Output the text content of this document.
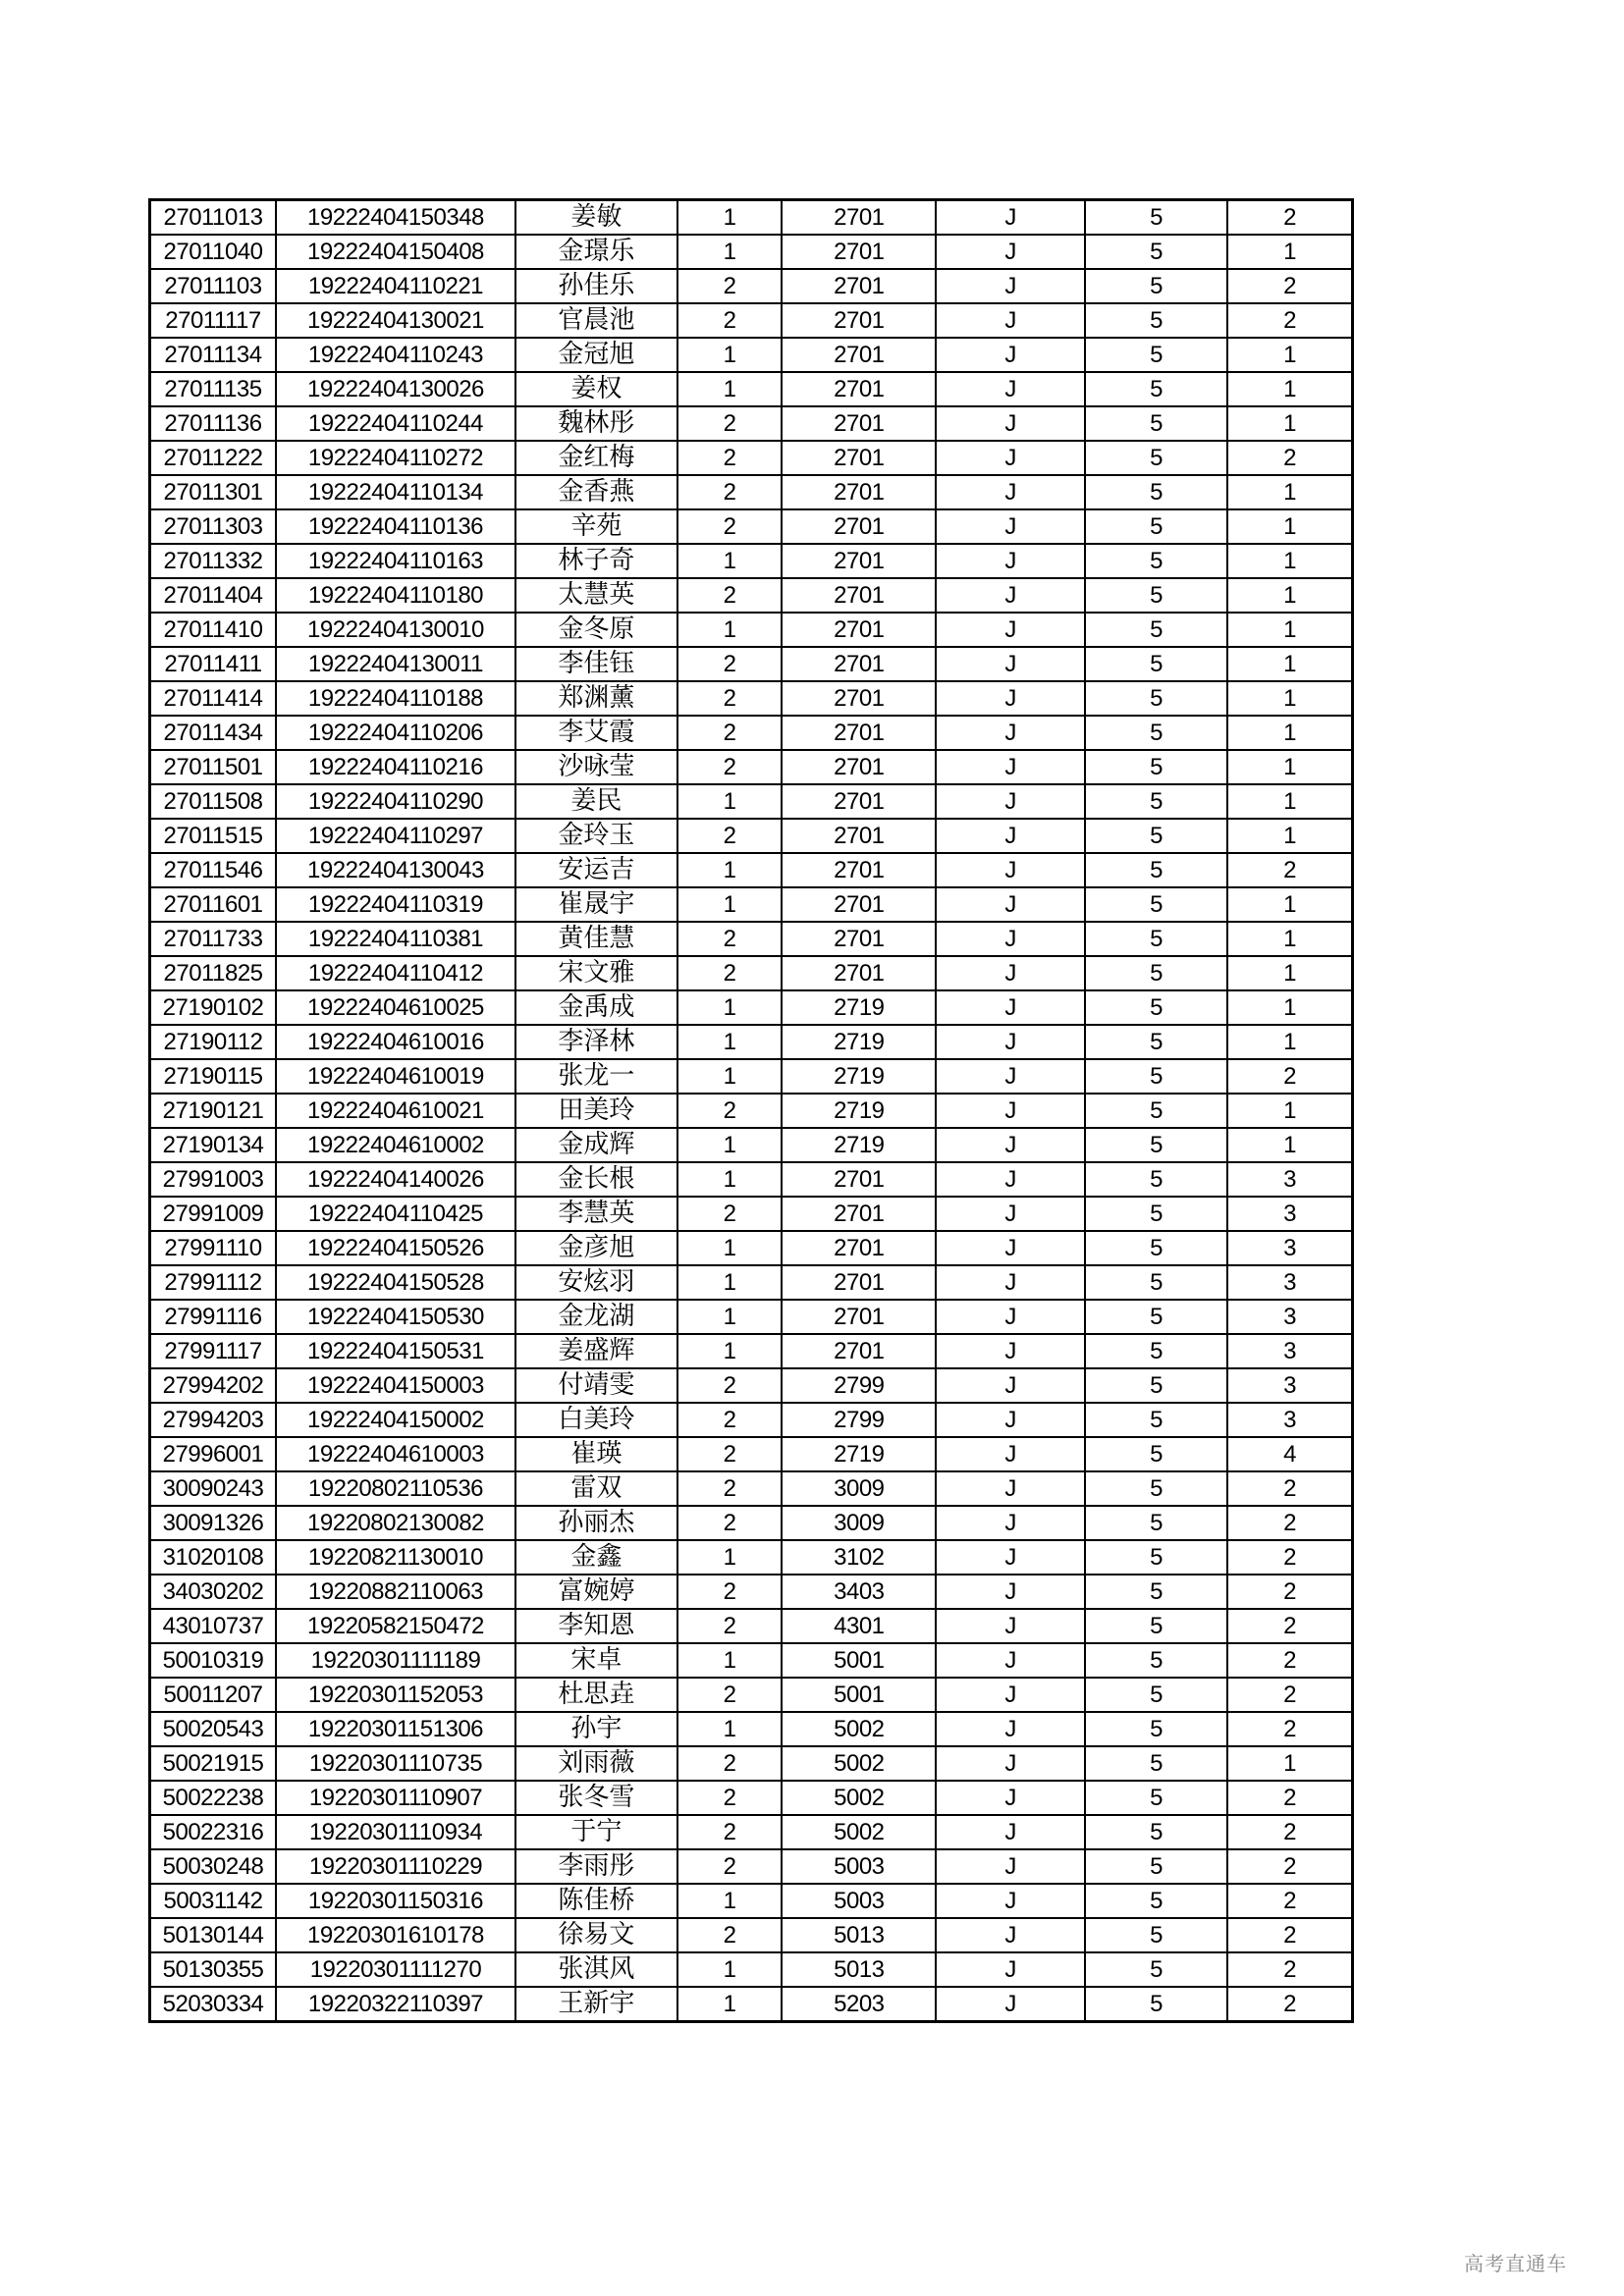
27011013	19222404150348	姜敏	1	2701	J	5	2
27011040	19222404150408	金璟乐	1	2701	J	5	1
27011103	19222404110221	孙佳乐	2	2701	J	5	2
27011117	19222404130021	官晨池	2	2701	J	5	2
27011134	19222404110243	金冠旭	1	2701	J	5	1
27011135	19222404130026	姜权	1	2701	J	5	1
27011136	19222404110244	魏林彤	2	2701	J	5	1
27011222	19222404110272	金红梅	2	2701	J	5	2
27011301	19222404110134	金香燕	2	2701	J	5	1
27011303	19222404110136	辛苑	2	2701	J	5	1
27011332	19222404110163	林子奇	1	2701	J	5	1
27011404	19222404110180	太慧英	2	2701	J	5	1
27011410	19222404130010	金冬原	1	2701	J	5	1
27011411	19222404130011	李佳钰	2	2701	J	5	1
27011414	19222404110188	郑渊薰	2	2701	J	5	1
27011434	19222404110206	李艾霞	2	2701	J	5	1
27011501	19222404110216	沙咏莹	2	2701	J	5	1
27011508	19222404110290	姜民	1	2701	J	5	1
27011515	19222404110297	金玲玉	2	2701	J	5	1
27011546	19222404130043	安运吉	1	2701	J	5	2
27011601	19222404110319	崔晟宇	1	2701	J	5	1
27011733	19222404110381	黄佳慧	2	2701	J	5	1
27011825	19222404110412	宋文雅	2	2701	J	5	1
27190102	19222404610025	金禹成	1	2719	J	5	1
27190112	19222404610016	李泽林	1	2719	J	5	1
27190115	19222404610019	张龙一	1	2719	J	5	2
27190121	19222404610021	田美玲	2	2719	J	5	1
27190134	19222404610002	金成辉	1	2719	J	5	1
27991003	19222404140026	金长根	1	2701	J	5	3
27991009	19222404110425	李慧英	2	2701	J	5	3
27991110	19222404150526	金彦旭	1	2701	J	5	3
27991112	19222404150528	安炫羽	1	2701	J	5	3
27991116	19222404150530	金龙湖	1	2701	J	5	3
27991117	19222404150531	姜盛辉	1	2701	J	5	3
27994202	19222404150003	付靖雯	2	2799	J	5	3
27994203	19222404150002	白美玲	2	2799	J	5	3
27996001	19222404610003	崔瑛	2	2719	J	5	4
30090243	19220802110536	雷双	2	3009	J	5	2
30091326	19220802130082	孙丽杰	2	3009	J	5	2
31020108	19220821130010	金鑫	1	3102	J	5	2
34030202	19220882110063	富婉婷	2	3403	J	5	2
43010737	19220582150472	李知恩	2	4301	J	5	2
50010319	19220301111189	宋卓	1	5001	J	5	2
50011207	19220301152053	杜思垚	2	5001	J	5	2
50020543	19220301151306	孙宇	1	5002	J	5	2
50021915	19220301110735	刘雨薇	2	5002	J	5	1
50022238	19220301110907	张冬雪	2	5002	J	5	2
50022316	19220301110934	于宁	2	5002	J	5	2
50030248	19220301110229	李雨彤	2	5003	J	5	2
50031142	19220301150316	陈佳桥	1	5003	J	5	2
50130144	19220301610178	徐易文	2	5013	J	5	2
50130355	19220301111270	张淇风	1	5013	J	5	2
52030334	19220322110397	王新宇	1	5203	J	5	2
高考直通车
